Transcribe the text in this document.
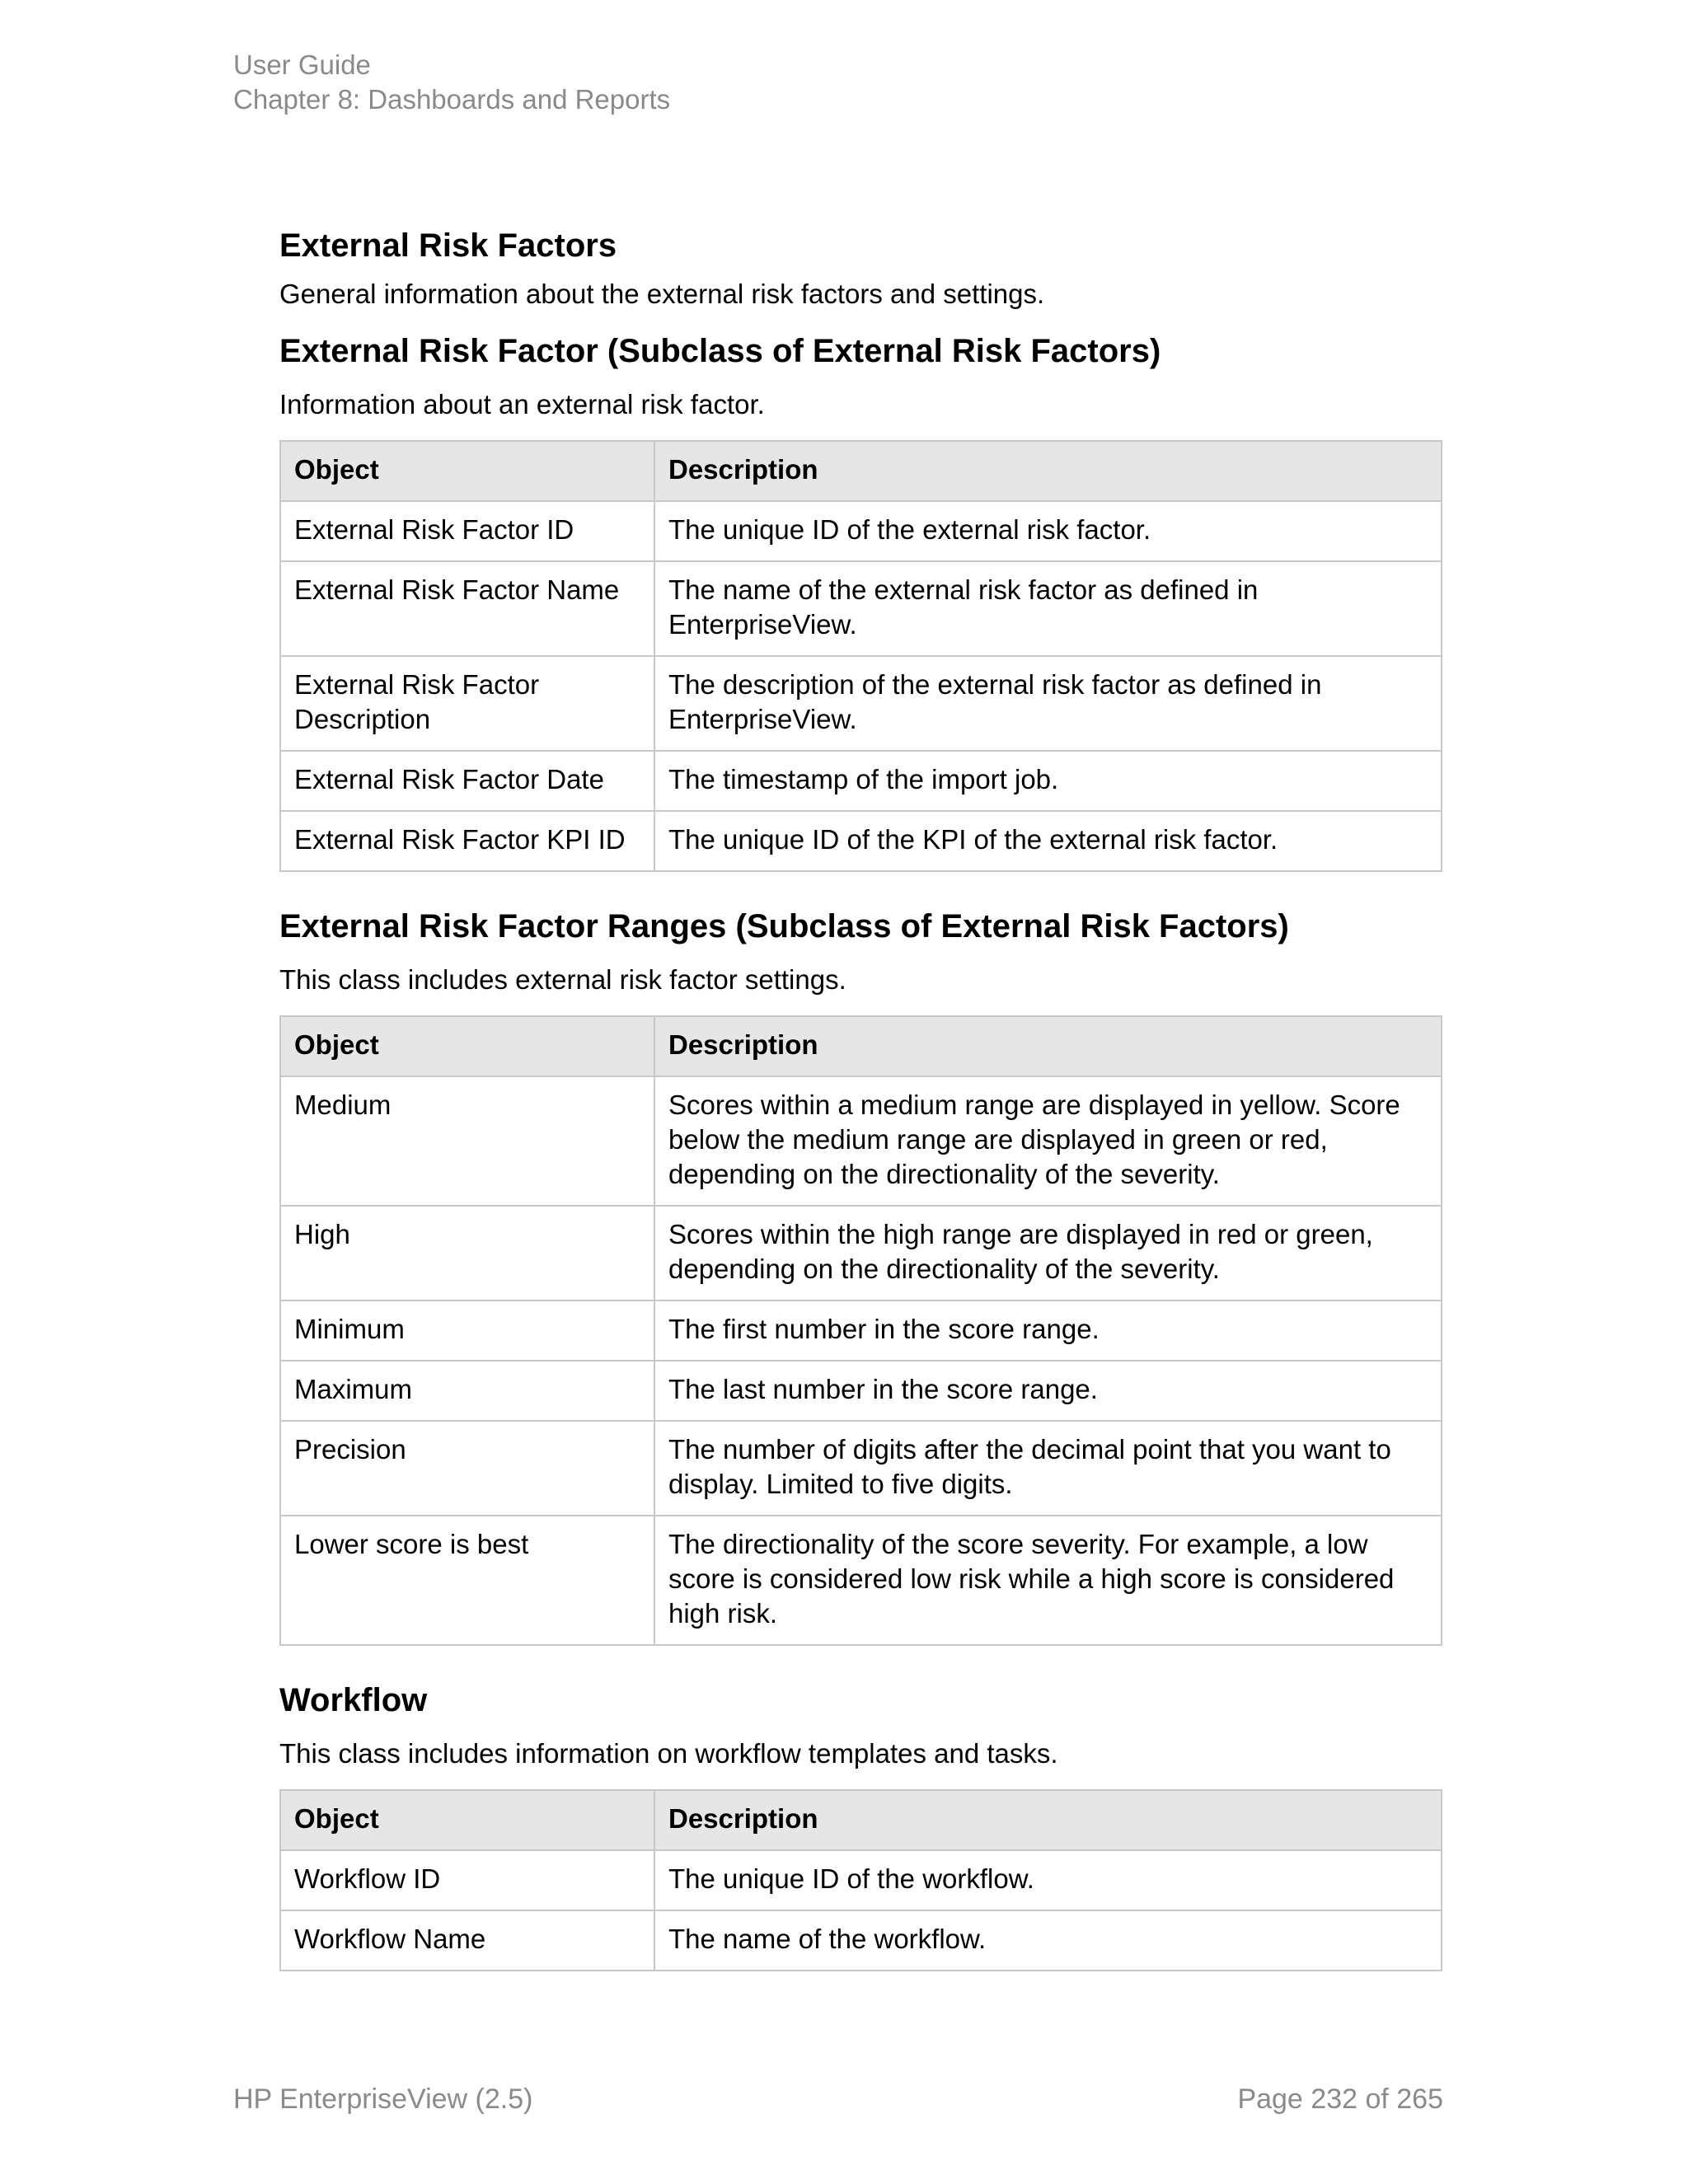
User Guide
Chapter 8: Dashboards and Reports
External Risk Factors

General information about the external risk factors and settings.

External Risk Factor (Subclass of External Risk Factors)

Information about an external risk factor.

Object	Description
External Risk Factor ID	The unique ID of the external risk factor.
External Risk Factor Name	The name of the external risk factor as defined in EnterpriseView.
External Risk Factor Description	The description of the external risk factor as defined in EnterpriseView.
External Risk Factor Date	The timestamp of the import job.
External Risk Factor KPI ID	The unique ID of the KPI of the external risk factor.
External Risk Factor Ranges (Subclass of External Risk Factors)

This class includes external risk factor settings.

Object	Description
Medium	Scores within a medium range are displayed in yellow. Score below the medium range are displayed in green or red, depending on the directionality of the severity.
High	Scores within the high range are displayed in red or green, depending on the directionality of the severity.
Minimum	The first number in the score range.
Maximum	The last number in the score range.
Precision	The number of digits after the decimal point that you want to display. Limited to five digits.
Lower score is best	The directionality of the score severity. For example, a low score is considered low risk while a high score is considered high risk.
Workflow

This class includes information on workflow templates and tasks.

Object	Description
Workflow ID	The unique ID of the workflow.
Workflow Name	The name of the workflow.
HP EnterpriseView (2.5)	Page 232 of 265
